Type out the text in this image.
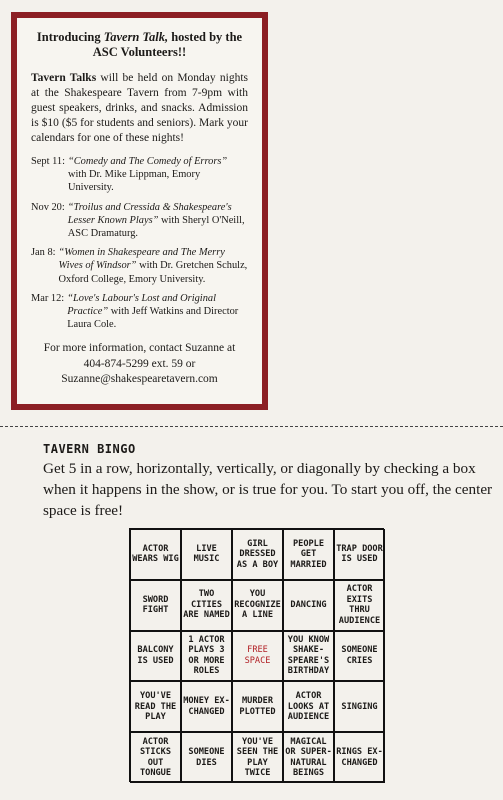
Introducing Tavern Talk, hosted by the ASC Volunteers!!

Tavern Talks will be held on Monday nights at the Shakespeare Tavern from 7-9pm with guest speakers, drinks, and snacks. Admission is $10 ($5 for students and seniors). Mark your calendars for one of these nights!

Sept 11: “Comedy and The Comedy of Errors” with Dr. Mike Lippman, Emory University.
Nov 20: “Troilus and Cressida & Shakespeare's Lesser Known Plays” with Sheryl O'Neill, ASC Dramaturg.
Jan 8: “Women in Shakespeare and The Merry Wives of Windsor” with Dr. Gretchen Schulz, Oxford College, Emory University.
Mar 12: “Love's Labour's Lost and Original Practice” with Jeff Watkins and Director Laura Cole.

For more information, contact Suzanne at
404-874-5299 ext. 59 or
Suzanne@shakespearetavern.com

TAVERN BINGO
Get 5 in a row, horizontally, vertically, or diagonally by checking a box when it happens in the show, or is true for you. To start you off, the center space is free!
ACTOR WEARS WIG
LIVE MUSIC
GIRL DRESSED AS A BOY
PEOPLE GET MARRIED
TRAP DOOR IS USED
SWORD FIGHT
TWO CITIES ARE NAMED
YOU RECOGNIZE A LINE
DANCING
ACTOR EXITS THRU AUDIENCE
BALCONY IS USED
1 ACTOR PLAYS 3 OR MORE ROLES
FREE SPACE
YOU KNOW SHAKE-SPEARE'S BIRTHDAY
SOMEONE CRIES
YOU'VE READ THE PLAY
MONEY EX-CHANGED
MURDER PLOTTED
ACTOR LOOKS AT AUDIENCE
SINGING
ACTOR STICKS OUT TONGUE
SOMEONE DIES
YOU'VE SEEN THE PLAY TWICE
MAGICAL OR SUPER-NATURAL BEINGS
RINGS EX-CHANGED
